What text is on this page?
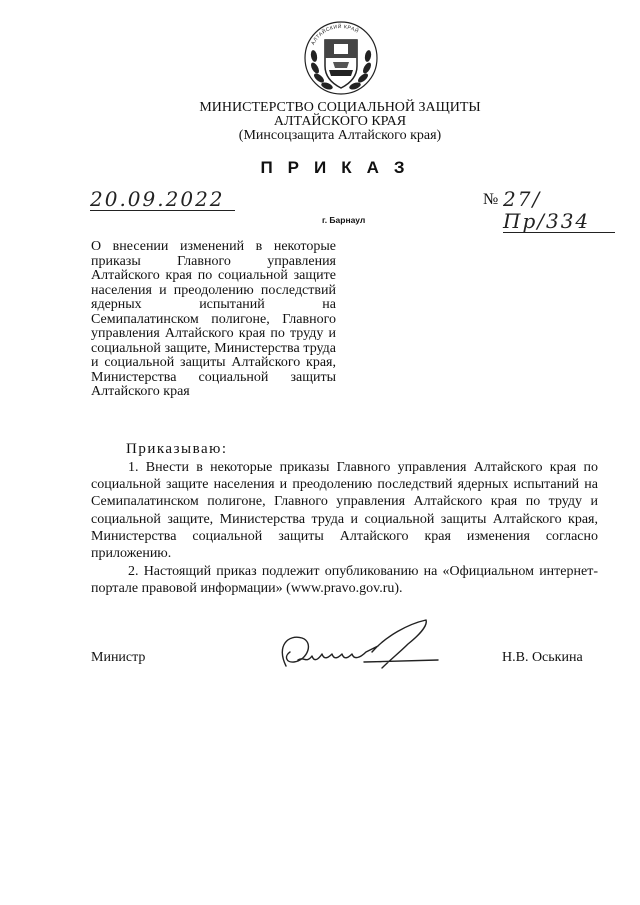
АЛТАЙСКИЙ КРАЙ
МИНИСТЕРСТВО СОЦИАЛЬНОЙ ЗАЩИТЫ
АЛТАЙСКОГО КРАЯ
(Минсоцзащита Алтайского края)
ПРИКАЗ
20.09.2022	№ 27/Пр/334
г. Барнаул
О внесении изменений в некоторые приказы Главного управления Алтайского края по социальной защите населения и преодолению последствий ядерных испытаний на Семипалатинском полигоне, Главного управления Алтайского края по труду и социальной защите, Министерства труда и социальной защиты Алтайского края, Министерства социальной защиты Алтайского края
Приказываю:
1. Внести в некоторые приказы Главного управления Алтайского края по социальной защите населения и преодолению последствий ядерных испытаний на Семипалатинском полигоне, Главного управления Алтайского края по труду и социальной защите, Министерства труда и социальной защиты Алтайского края, Министерства социальной защиты Алтайского края изменения согласно приложению.
2. Настоящий приказ подлежит опубликованию на «Официальном интернет-портале правовой информации» (www.pravo.gov.ru).
Министр	Н.В. Оськина
